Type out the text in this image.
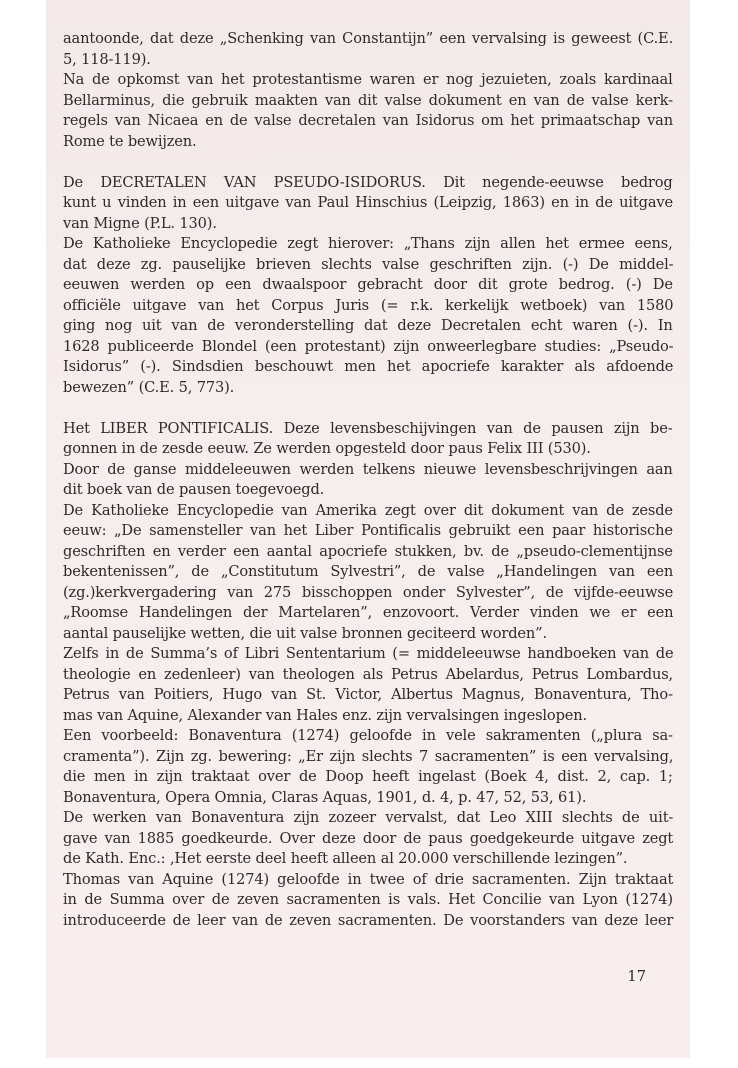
aantoonde, dat deze „Schenking van Constantijn” een vervalsing is geweest (C.E.
5, 118-119).
Na de opkomst van het protestantisme waren er nog jezuieten, zoals kardinaal
Bellarminus, die gebruik maakten van dit valse dokument en van de valse kerk-
regels van Nicaea en de valse decretalen van Isidorus om het primaatschap van
Rome te bewijzen.
De DECRETALEN VAN PSEUDO-ISIDORUS. Dit negende-eeuwse bedrog
kunt u vinden in een uitgave van Paul Hinschius (Leipzig, 1863) en in de uitgave
van Migne (P.L. 130).
De Katholieke Encyclopedie zegt hierover: „Thans zijn allen het ermee eens,
dat deze zg. pauselijke brieven slechts valse geschriften zijn. (-) De middel-
eeuwen werden op een dwaalspoor gebracht door dit grote bedrog. (-) De
officiële uitgave van het Corpus Juris (= r.k. kerkelijk wetboek) van 1580
ging nog uit van de veronderstelling dat deze Decretalen echt waren (-). In
1628 publiceerde Blondel (een protestant) zijn onweerlegbare studies: „Pseudo-
Isidorus” (-). Sindsdien beschouwt men het apocriefe karakter als afdoende
bewezen” (C.E. 5, 773).
Het LIBER PONTIFICALIS. Deze levensbeschijvingen van de pausen zijn be-
gonnen in de zesde eeuw. Ze werden opgesteld door paus Felix III (530).
Door de ganse middeleeuwen werden telkens nieuwe levensbeschrijvingen aan
dit boek van de pausen toegevoegd.
De Katholieke Encyclopedie van Amerika zegt over dit dokument van de zesde
eeuw: „De samensteller van het Liber Pontificalis gebruikt een paar historische
geschriften en verder een aantal apocriefe stukken, bv. de „pseudo-clementijnse
bekentenissen”, de „Constitutum Sylvestri”, de valse „Handelingen van een
(zg.)kerkvergadering van 275 bisschoppen onder Sylvester”, de vijfde-eeuwse
„Roomse Handelingen der Martelaren”, enzovoort. Verder vinden we er een
aantal pauselijke wetten, die uit valse bronnen geciteerd worden”.
Zelfs in de Summa’s of Libri Sententarium (= middeleeuwse handboeken van de
theologie en zedenleer) van theologen als Petrus Abelardus, Petrus Lombardus,
Petrus van Poitiers, Hugo van St. Victor, Albertus Magnus, Bonaventura, Tho-
mas van Aquine, Alexander van Hales enz. zijn vervalsingen ingeslopen.
Een voorbeeld: Bonaventura (1274) geloofde in vele sakramenten („plura sa-
cramenta”). Zijn zg. bewering: „Er zijn slechts 7 sacramenten” is een vervalsing,
die men in zijn traktaat over de Doop heeft ingelast (Boek 4, dist. 2, cap. 1;
Bonaventura, Opera Omnia, Claras Aquas, 1901, d. 4, p. 47, 52, 53, 61).
De werken van Bonaventura zijn zozeer vervalst, dat Leo XIII slechts de uit-
gave van 1885 goedkeurde. Over deze door de paus goedgekeurde uitgave zegt
de Kath. Enc.: ‚Het eerste deel heeft alleen al 20.000 verschillende lezingen”.
Thomas van Aquine (1274) geloofde in twee of drie sacramenten. Zijn traktaat
in de Summa over de zeven sacramenten is vals. Het Concilie van Lyon (1274)
introduceerde de leer van de zeven sacramenten. De voorstanders van deze leer
17
